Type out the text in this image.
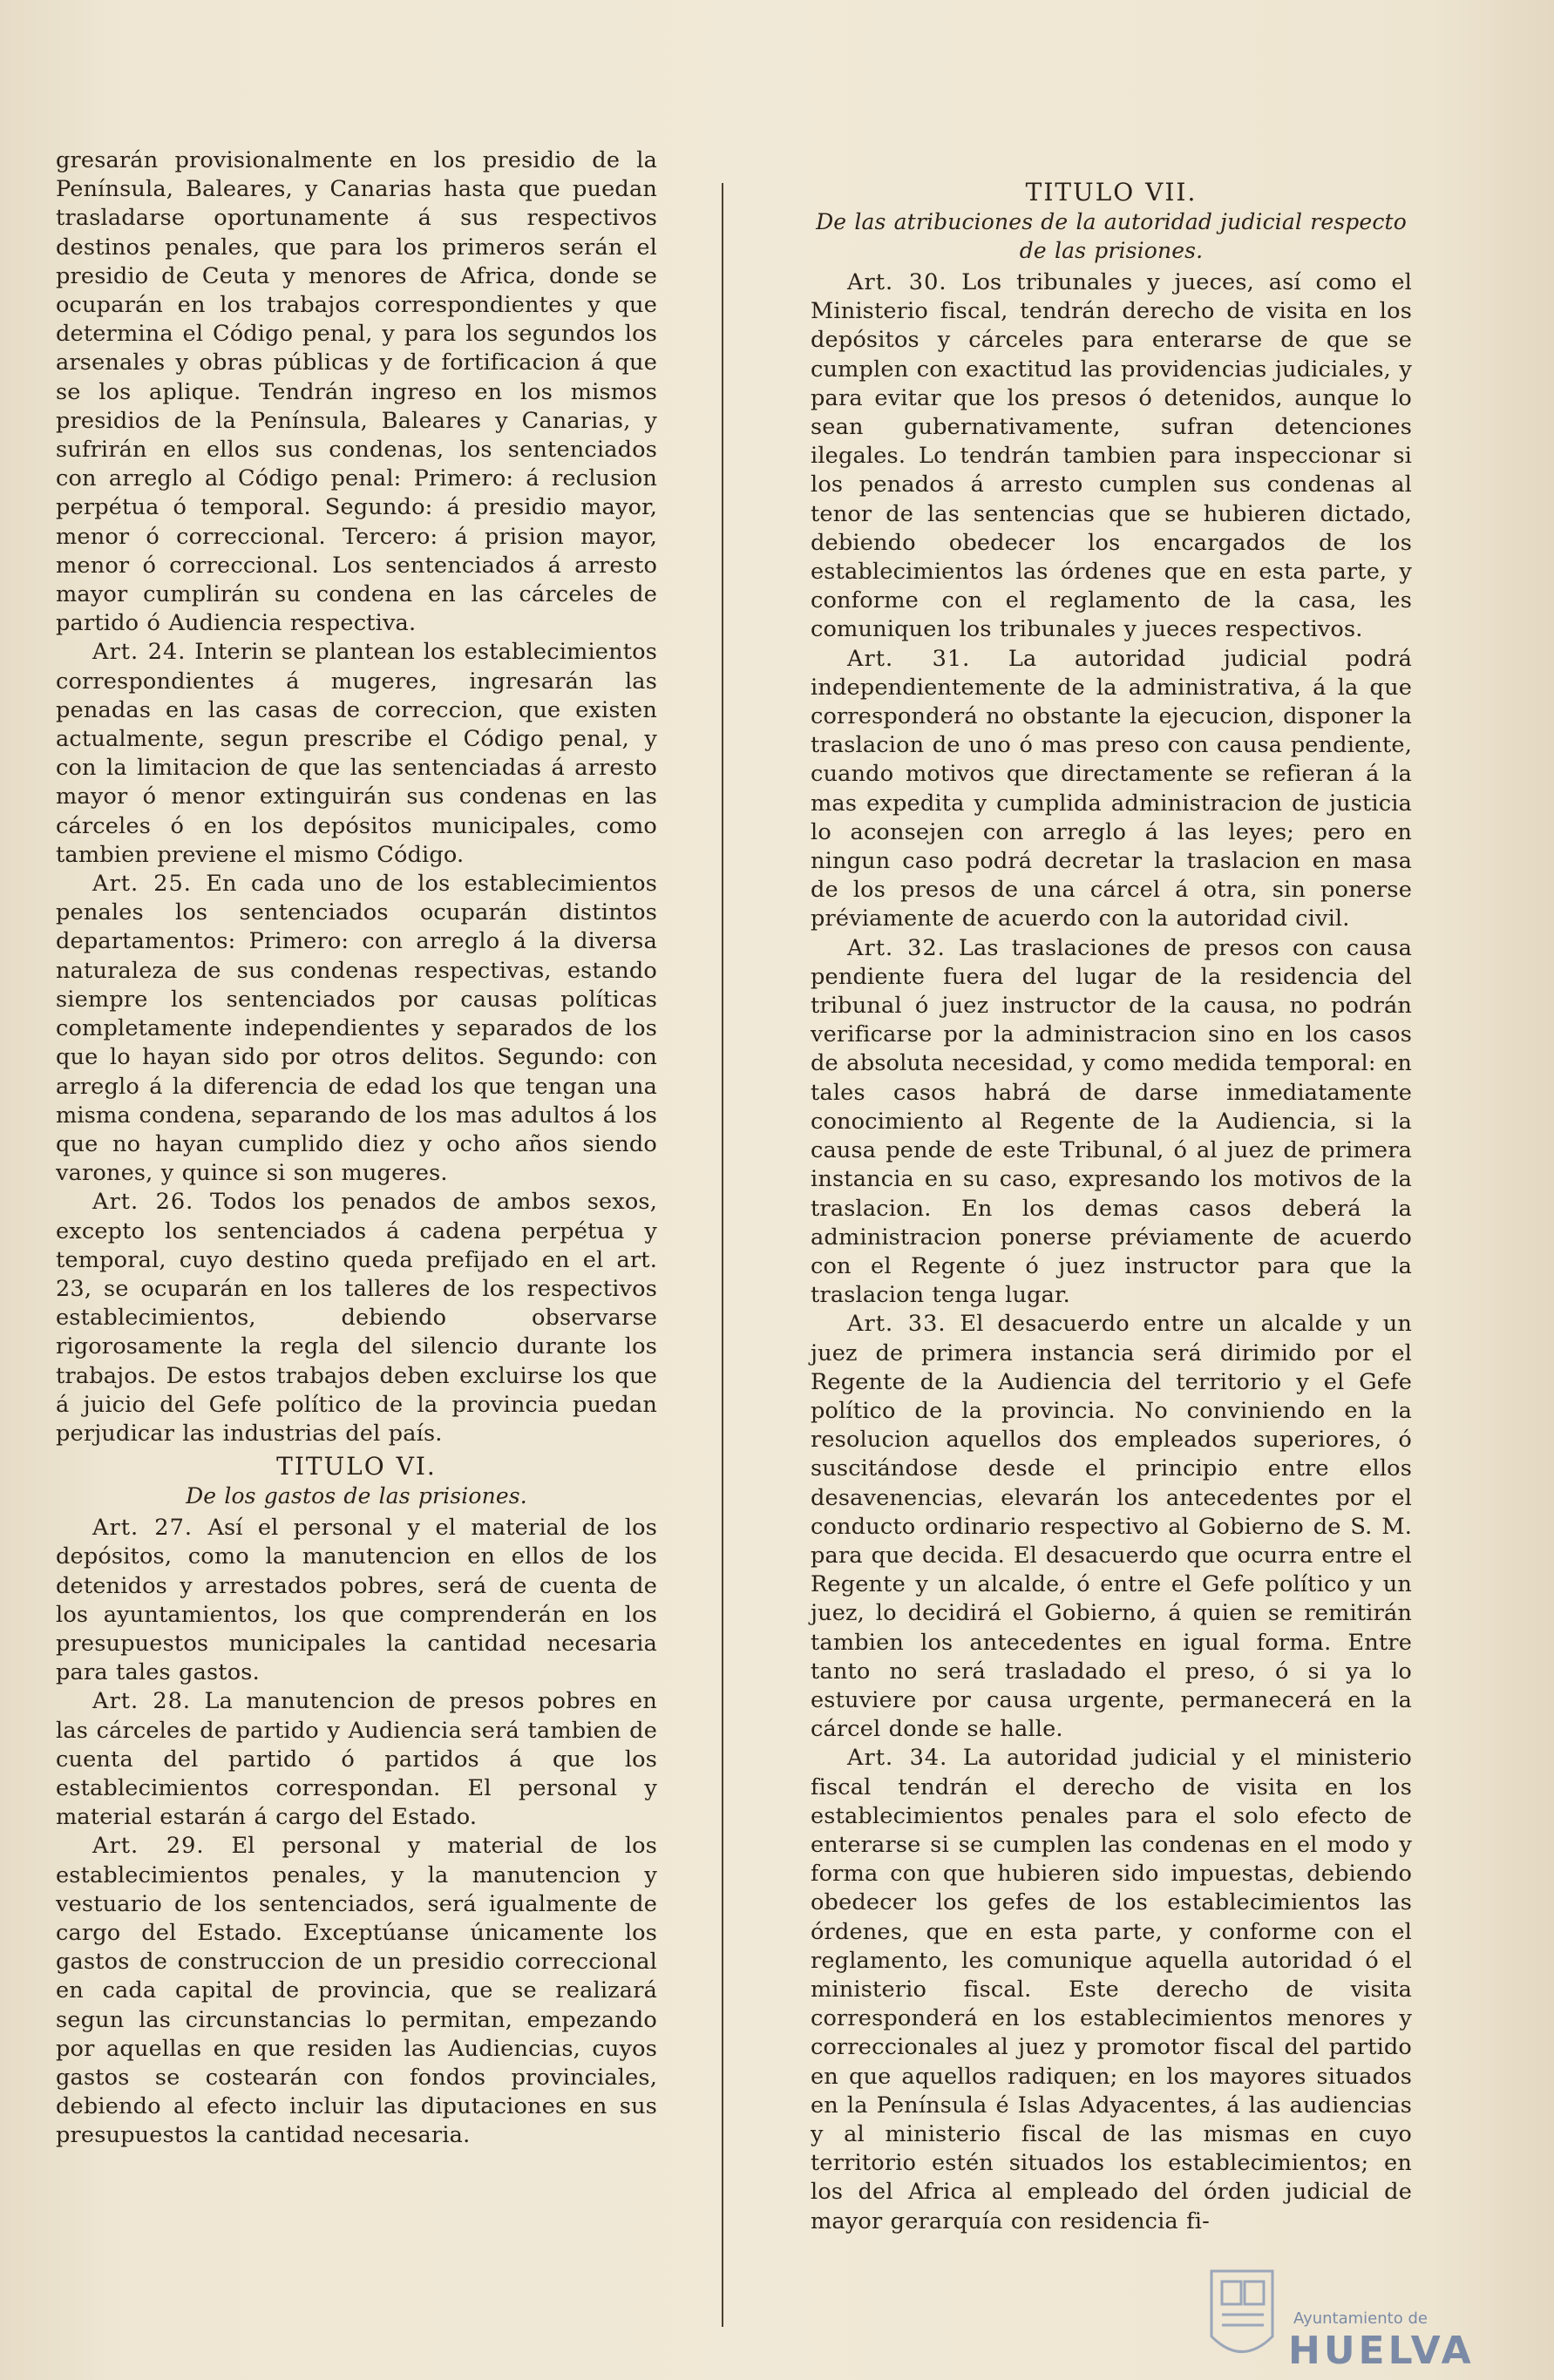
gresarán provisionalmente en los presidio de la Península, Baleares, y Canarias hasta que puedan trasladarse oportunamente á sus respectivos destinos penales, que para los primeros serán el presidio de Ceuta y menores de Africa, donde se ocuparán en los trabajos correspondientes y que determina el Código penal, y para los segundos los arsenales y obras públicas y de fortificacion á que se los aplique. Tendrán ingreso en los mismos presidios de la Península, Baleares y Canarias, y sufrirán en ellos sus condenas, los sentenciados con arreglo al Código penal: Primero: á reclusion perpétua ó temporal. Segundo: á presidio mayor, menor ó correccional. Tercero: á prision mayor, menor ó correccional. Los sentenciados á arresto mayor cumplirán su condena en las cárceles de partido ó Audiencia respectiva.

Art. 24. Interin se plantean los establecimientos correspondientes á mugeres, ingresarán las penadas en las casas de correccion, que existen actualmente, segun prescribe el Código penal, y con la limitacion de que las sentenciadas á arresto mayor ó menor extinguirán sus condenas en las cárceles ó en los depósitos municipales, como tambien previene el mismo Código.

Art. 25. En cada uno de los establecimientos penales los sentenciados ocuparán distintos departamentos: Primero: con arreglo á la diversa naturaleza de sus condenas respectivas, estando siempre los sentenciados por causas políticas completamente independientes y separados de los que lo hayan sido por otros delitos. Segundo: con arreglo á la diferencia de edad los que tengan una misma condena, separando de los mas adultos á los que no hayan cumplido diez y ocho años siendo varones, y quince si son mugeres.

Art. 26. Todos los penados de ambos sexos, excepto los sentenciados á cadena perpétua y temporal, cuyo destino queda prefijado en el art. 23, se ocuparán en los talleres de los respectivos establecimientos, debiendo observarse rigorosamente la regla del silencio durante los trabajos. De estos trabajos deben excluirse los que á juicio del Gefe político de la provincia puedan perjudicar las industrias del país.

TITULO VI.
De los gastos de las prisiones.

Art. 27. Así el personal y el material de los depósitos, como la manutencion en ellos de los detenidos y arrestados pobres, será de cuenta de los ayuntamientos, los que comprenderán en los presupuestos municipales la cantidad necesaria para tales gastos.

Art. 28. La manutencion de presos pobres en las cárceles de partido y Audiencia será tambien de cuenta del partido ó partidos á que los establecimientos correspondan. El personal y material estarán á cargo del Estado.

Art. 29. El personal y material de los establecimientos penales, y la manutencion y vestuario de los sentenciados, será igualmente de cargo del Estado. Exceptúanse únicamente los gastos de construccion de un presidio correccional en cada capital de provincia, que se realizará segun las circunstancias lo permitan, empezando por aquellas en que residen las Audiencias, cuyos gastos se costearán con fondos provinciales, debiendo al efecto incluir las diputaciones en sus presupuestos la cantidad necesaria.

TITULO VII.
De las atribuciones de la autoridad judicial respecto de las prisiones.

Art. 30. Los tribunales y jueces, así como el Ministerio fiscal, tendrán derecho de visita en los depósitos y cárceles para enterarse de que se cumplen con exactitud las providencias judiciales, y para evitar que los presos ó detenidos, aunque lo sean gubernativamente, sufran detenciones ilegales. Lo tendrán tambien para inspeccionar si los penados á arresto cumplen sus condenas al tenor de las sentencias que se hubieren dictado, debiendo obedecer los encargados de los establecimientos las órdenes que en esta parte, y conforme con el reglamento de la casa, les comuniquen los tribunales y jueces respectivos.

Art. 31. La autoridad judicial podrá independientemente de la administrativa, á la que corresponderá no obstante la ejecucion, disponer la traslacion de uno ó mas preso con causa pendiente, cuando motivos que directamente se refieran á la mas expedita y cumplida administracion de justicia lo aconsejen con arreglo á las leyes; pero en ningun caso podrá decretar la traslacion en masa de los presos de una cárcel á otra, sin ponerse préviamente de acuerdo con la autoridad civil.

Art. 32. Las traslaciones de presos con causa pendiente fuera del lugar de la residencia del tribunal ó juez instructor de la causa, no podrán verificarse por la administracion sino en los casos de absoluta necesidad, y como medida temporal: en tales casos habrá de darse inmediatamente conocimiento al Regente de la Audiencia, si la causa pende de este Tribunal, ó al juez de primera instancia en su caso, expresando los motivos de la traslacion. En los demas casos deberá la administracion ponerse préviamente de acuerdo con el Regente ó juez instructor para que la traslacion tenga lugar.

Art. 33. El desacuerdo entre un alcalde y un juez de primera instancia será dirimido por el Regente de la Audiencia del territorio y el Gefe político de la provincia. No conviniendo en la resolucion aquellos dos empleados superiores, ó suscitándose desde el principio entre ellos desavenencias, elevarán los antecedentes por el conducto ordinario respectivo al Gobierno de S. M. para que decida. El desacuerdo que ocurra entre el Regente y un alcalde, ó entre el Gefe político y un juez, lo decidirá el Gobierno, á quien se remitirán tambien los antecedentes en igual forma. Entre tanto no será trasladado el preso, ó si ya lo estuviere por causa urgente, permanecerá en la cárcel donde se halle.

Art. 34. La autoridad judicial y el ministerio fiscal tendrán el derecho de visita en los establecimientos penales para el solo efecto de enterarse si se cumplen las condenas en el modo y forma con que hubieren sido impuestas, debiendo obedecer los gefes de los establecimientos las órdenes, que en esta parte, y conforme con el reglamento, les comunique aquella autoridad ó el ministerio fiscal. Este derecho de visita corresponderá en los establecimientos menores y correccionales al juez y promotor fiscal del partido en que aquellos radiquen; en los mayores situados en la Península é Islas Adyacentes, á las audiencias y al ministerio fiscal de las mismas en cuyo territorio estén situados los establecimientos; en los del Africa al empleado del órden judicial de mayor gerarquía con residencia fi-

Ayuntamiento de
HUELVA
